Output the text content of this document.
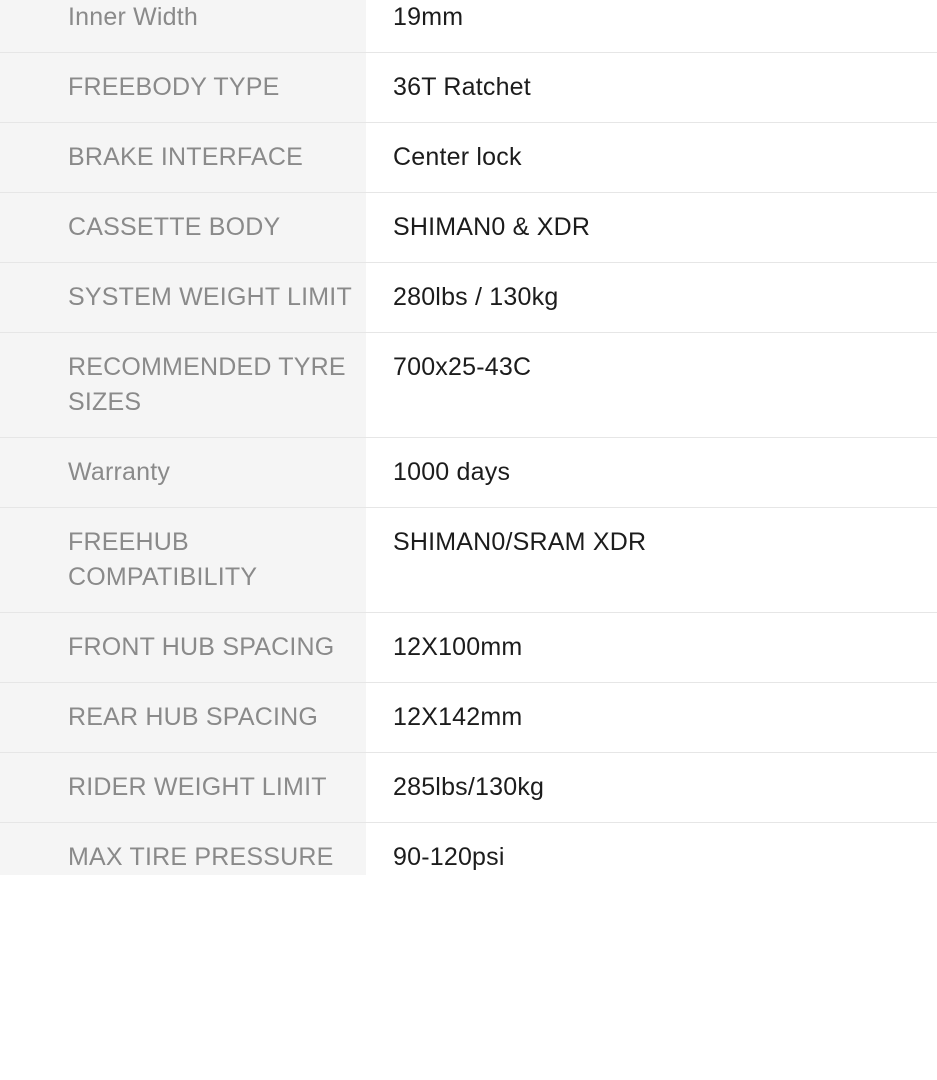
Inner Width	19mm
FREEBODY TYPE	36T Ratchet
BRAKE INTERFACE	Center lock
CASSETTE BODY	SHIMAN0 & XDR
SYSTEM WEIGHT LIMIT	280lbs / 130kg
RECOMMENDED TYRE SIZES	700x25-43C
Warranty	1000 days
FREEHUB COMPATIBILITY	SHIMAN0/SRAM XDR
FRONT HUB SPACING	12X100mm
REAR HUB SPACING	12X142mm
RIDER WEIGHT LIMIT	285lbs/130kg
MAX TIRE PRESSURE	90-120psi
